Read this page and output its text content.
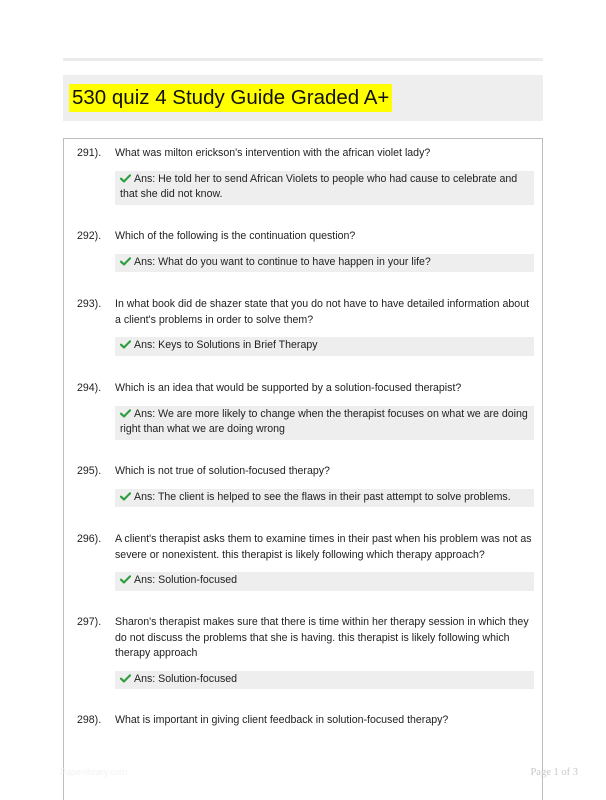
530 quiz 4 Study Guide Graded A+
291). What was milton erickson's intervention with the african violet lady?
Ans: He told her to send African Violets to people who had cause to celebrate and that she did not know.
292). Which of the following is the continuation question?
Ans: What do you want to continue to have happen in your life?
293). In what book did de shazer state that you do not have to have detailed information about a client's problems in order to solve them?
Ans: Keys to Solutions in Brief Therapy
294). Which is an idea that would be supported by a solution-focused therapist?
Ans: We are more likely to change when the therapist focuses on what we are doing right than what we are doing wrong
295). Which is not true of solution-focused therapy?
Ans: The client is helped to see the flaws in their past attempt to solve problems.
296). A client's therapist asks them to examine times in their past when his problem was not as severe or nonexistent. this therapist is likely following which therapy approach?
Ans: Solution-focused
297). Sharon's therapist makes sure that there is time within her therapy session in which they do not discuss the problems that she is having. this therapist is likely following which therapy approach
Ans: Solution-focused
298). What is important in giving client feedback in solution-focused therapy?
Paperlibrary.com	Page 1 of 3
